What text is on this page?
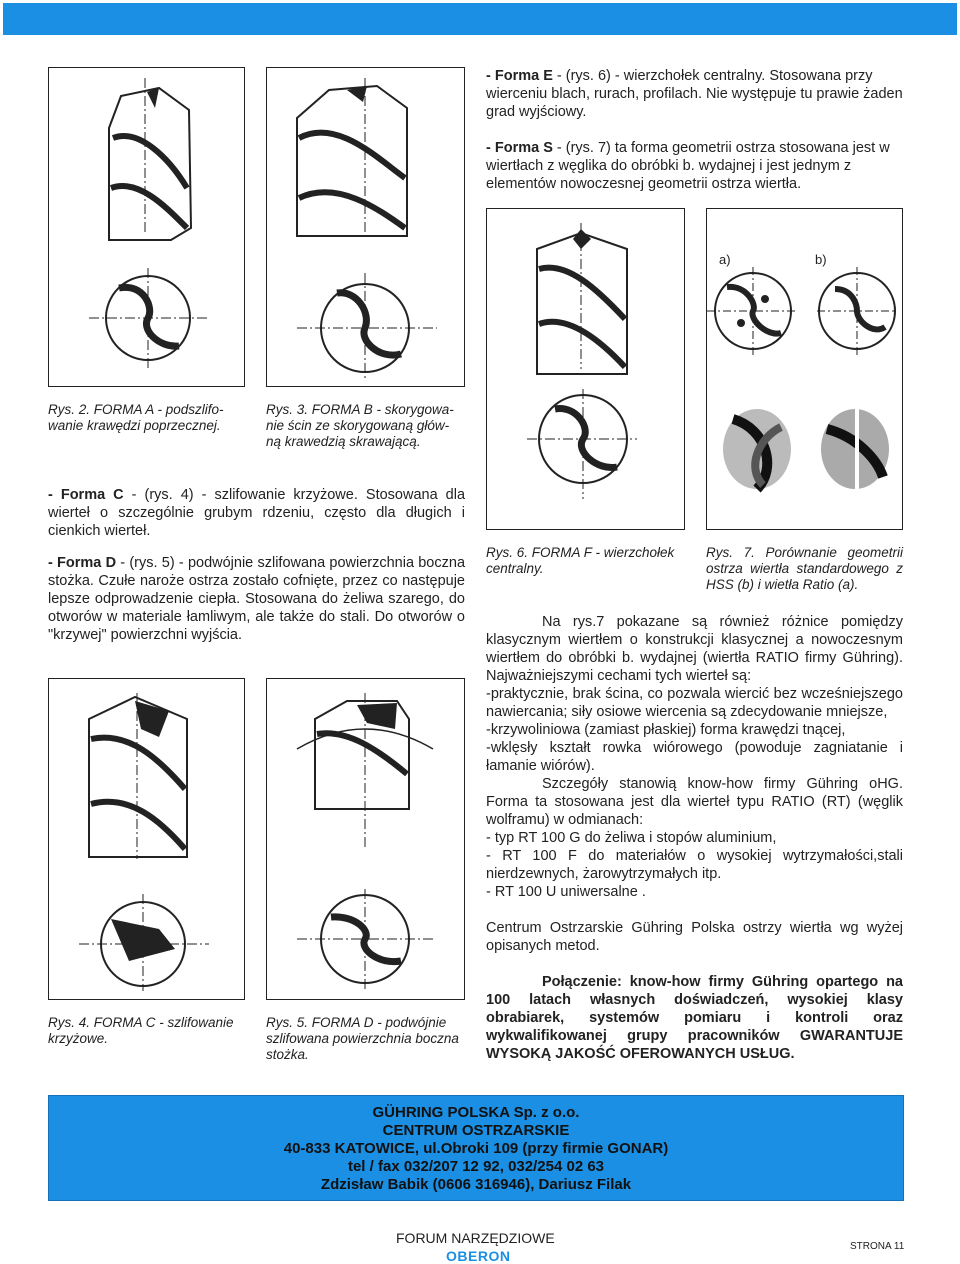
- Forma E - (rys. 6) - wierzchołek centralny. Stosowana przy wierceniu blach, rurach, profilach. Nie występuje tu prawie żaden grad wyjściowy.

- Forma S - (rys. 7) ta forma geometrii ostrza stosowana jest w wiertłach z węglika do obróbki b. wydajnej i jest jednym z elementów nowoczesnej geometrii ostrza wiertła.

Rys. 2. FORMA A - podszlifo-wanie krawędzi poprzecznej.
Rys. 3. FORMA B - skorygowa-nie ścin ze skorygowaną głów-ną krawedzią skrawającą.
a)	b)
Rys. 6. FORMA F - wierzchołek centralny.
Rys. 7. Porównanie geometrii ostrza wiertła standardowego z HSS (b) i wietła Ratio (a).

- Forma C - (rys. 4) - szlifowanie krzyżowe. Stosowana dla wierteł o szczególnie grubym rdzeniu, często dla długich i cienkich wierteł.

- Forma D - (rys. 5) - podwójnie szlifowana powierzchnia boczna stożka. Czułe naroże ostrza zostało cofnięte, przez co następuje lepsze odprowadzenie ciepła. Stosowana do żeliwa szarego, do otworów w materiale łamliwym, ale także do stali. Do otworów o "krzywej" powierzchni wyjścia.

Rys. 4. FORMA C - szlifowanie krzyżowe.
Rys. 5. FORMA D - podwójnie szlifowana powierzchnia boczna stożka.

Na rys.7 pokazane są również różnice pomiędzy klasycznym wiertłem o konstrukcji klasycznej a nowoczesnym wiertłem do obróbki b. wydajnej (wiertła RATIO firmy Gühring). Najważniejszymi cechami tych wierteł są:

-praktycznie, brak ścina, co pozwala wiercić bez wcześniejszego nawiercania; siły osiowe wiercenia są zdecydowanie mniejsze,

-krzywoliniowa (zamiast płaskiej) forma krawędzi tnącej,

-wklęsły kształt rowka wiórowego (powoduje zagniatanie i łamanie wiórów).

Szczegóły stanowią know-how firmy Gühring oHG. Forma ta stosowana jest dla wierteł typu RATIO (RT) (węglik wolframu) w odmianach:

- typ RT 100 G do żeliwa i stopów aluminium,

- RT 100 F do materiałów o wysokiej wytrzymałości,stali nierdzewnych, żarowytrzymałych itp.

- RT 100 U uniwersalne .

Centrum Ostrzarskie Gühring Polska ostrzy wiertła wg wyżej opisanych metod.

Połączenie: know-how firmy Gühring opartego na 100 latach własnych doświadczeń, wysokiej klasy obrabiarek, systemów pomiaru i kontroli oraz wykwalifikowanej grupy pracowników GWARANTUJE WYSOKĄ JAKOŚĆ OFEROWANYCH USŁUG.

GÜHRING POLSKA Sp. z o.o.
CENTRUM OSTRZARSKIE
40-833 KATOWICE, ul.Obroki 109 (przy firmie GONAR)
tel / fax 032/207 12 92, 032/254 02 63
Zdzisław Babik (0606 316946), Dariusz Filak
FORUM NARZĘDZIOWE
OBERON
STRONA 11
